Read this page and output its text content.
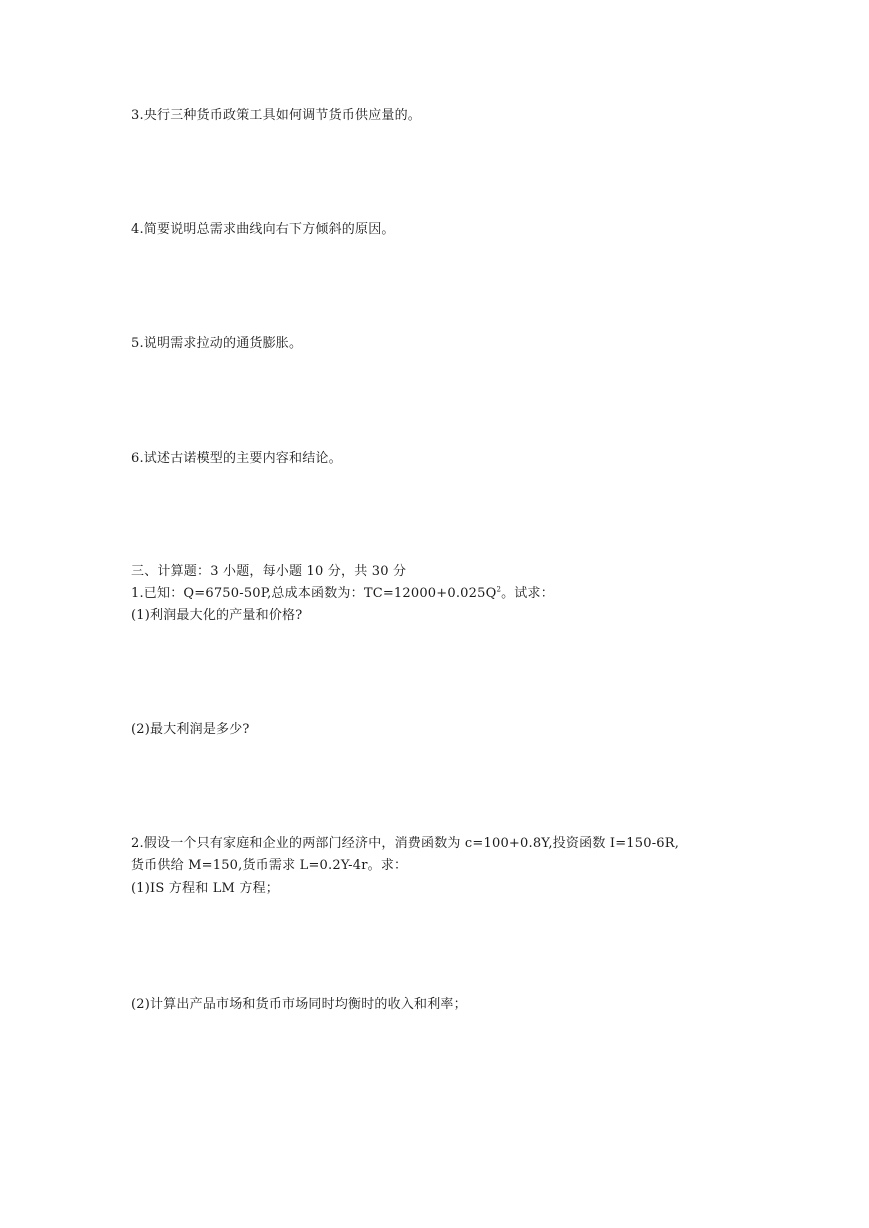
3.央行三种货币政策工具如何调节货币供应量的。
4.简要说明总需求曲线向右下方倾斜的原因。
5.说明需求拉动的通货膨胀。
6.试述古诺模型的主要内容和结论。
三、计算题：3 小题，每小题 10 分，共 30 分
1.已知：Q=6750-50P,总成本函数为：$TC=12000+0.025Q^2$。试求：
(1)利润最大化的产量和价格?
(2)最大利润是多少?
2.假设一个只有家庭和企业的两部门经济中，消费函数为 c=100+0.8Y,投资函数 I=150-6R,
货币供给 M=150,货币需求 L=0.2Y-4r。求：
(1)IS 方程和 LM 方程；
(2)计算出产品市场和货币市场同时均衡时的收入和利率；
